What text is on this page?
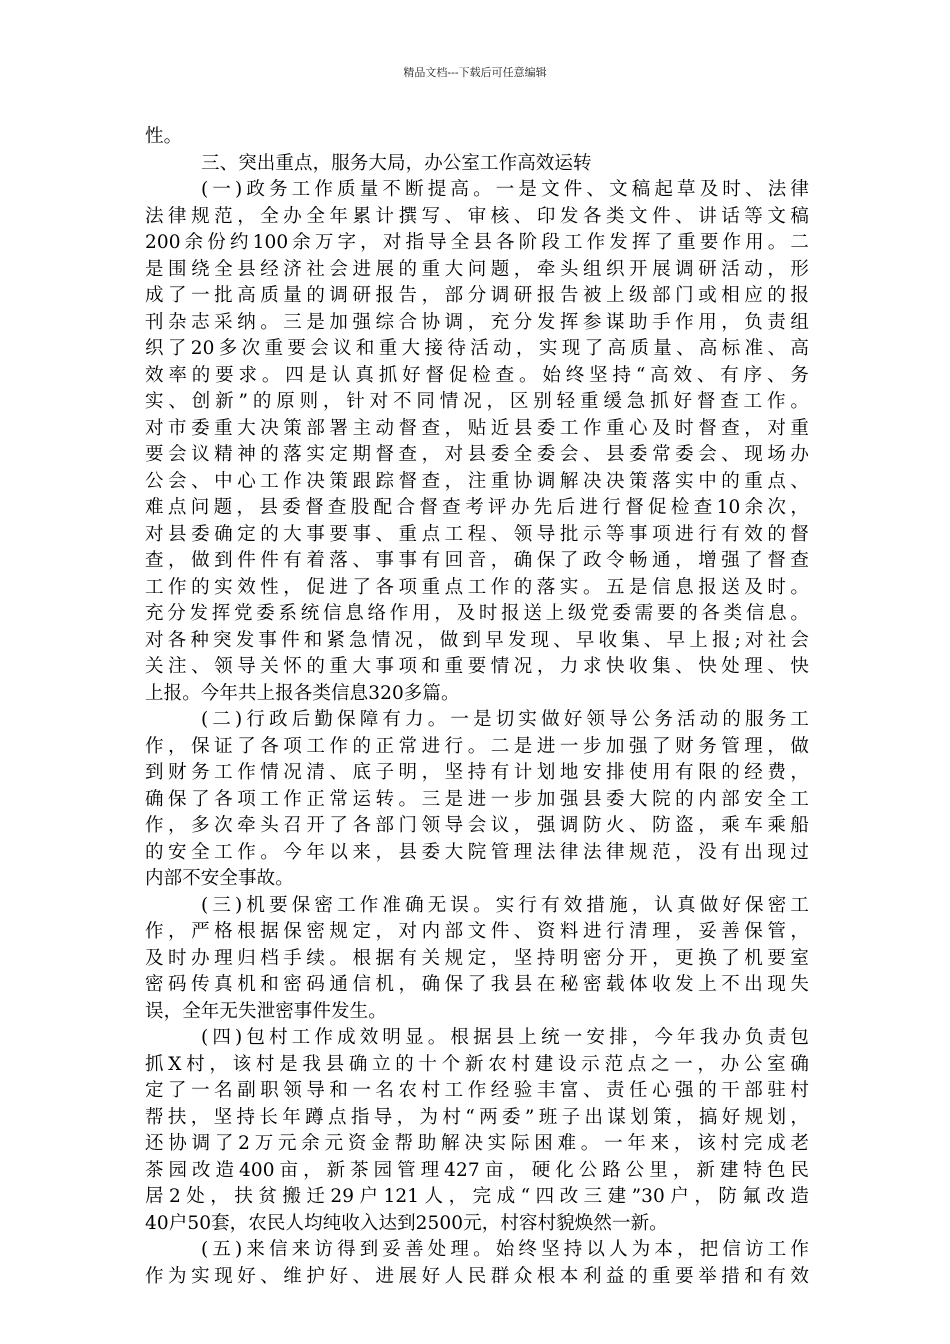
精品文档---下载后可任意编辑
性。
三、突出重点，服务大局，办公室工作高效运转
(一)政务工作质量不断提高。一是文件、文稿起草及时、法律
法律规范，全办全年累计撰写、审核、印发各类文件、讲话等文稿
200余份约100余万字，对指导全县各阶段工作发挥了重要作用。二
是围绕全县经济社会进展的重大问题，牵头组织开展调研活动，形
成了一批高质量的调研报告，部分调研报告被上级部门或相应的报
刊杂志采纳。三是加强综合协调，充分发挥参谋助手作用，负责组
织了20多次重要会议和重大接待活动，实现了高质量、高标准、高
效率的要求。四是认真抓好督促检查。始终坚持“高效、有序、务
实、创新”的原则，针对不同情况，区别轻重缓急抓好督查工作。
对市委重大决策部署主动督查，贴近县委工作重心及时督查，对重
要会议精神的落实定期督查，对县委全委会、县委常委会、现场办
公会、中心工作决策跟踪督查，注重协调解决决策落实中的重点、
难点问题，县委督查股配合督查考评办先后进行督促检查10余次，
对县委确定的大事要事、重点工程、领导批示等事项进行有效的督
查，做到件件有着落、事事有回音，确保了政令畅通，增强了督查
工作的实效性，促进了各项重点工作的落实。五是信息报送及时。
充分发挥党委系统信息络作用，及时报送上级党委需要的各类信息。
对各种突发事件和紧急情况，做到早发现、早收集、早上报;对社会
关注、领导关怀的重大事项和重要情况，力求快收集、快处理、快
上报。今年共上报各类信息320多篇。
(二)行政后勤保障有力。一是切实做好领导公务活动的服务工
作，保证了各项工作的正常进行。二是进一步加强了财务管理，做
到财务工作情况清、底子明，坚持有计划地安排使用有限的经费，
确保了各项工作正常运转。三是进一步加强县委大院的内部安全工
作，多次牵头召开了各部门领导会议，强调防火、防盗，乘车乘船
的安全工作。今年以来，县委大院管理法律法律规范，没有出现过
内部不安全事故。
(三)机要保密工作准确无误。实行有效措施，认真做好保密工
作，严格根据保密规定，对内部文件、资料进行清理，妥善保管，
及时办理归档手续。根据有关规定，坚持明密分开，更换了机要室
密码传真机和密码通信机，确保了我县在秘密载体收发上不出现失
误，全年无失泄密事件发生。
(四)包村工作成效明显。根据县上统一安排，今年我办负责包
抓X村，该村是我县确立的十个新农村建设示范点之一，办公室确
定了一名副职领导和一名农村工作经验丰富、责任心强的干部驻村
帮扶，坚持长年蹲点指导，为村“两委”班子出谋划策，搞好规划，
还协调了2万元余元资金帮助解决实际困难。一年来，该村完成老
茶园改造400亩，新茶园管理427亩，硬化公路公里，新建特色民
居2处，扶贫搬迁29户121人，完成“四改三建”30户，防氟改造
40户50套，农民人均纯收入达到2500元，村容村貌焕然一新。
(五)来信来访得到妥善处理。始终坚持以人为本，把信访工作
作为实现好、维护好、进展好人民群众根本利益的重要举措和有效
